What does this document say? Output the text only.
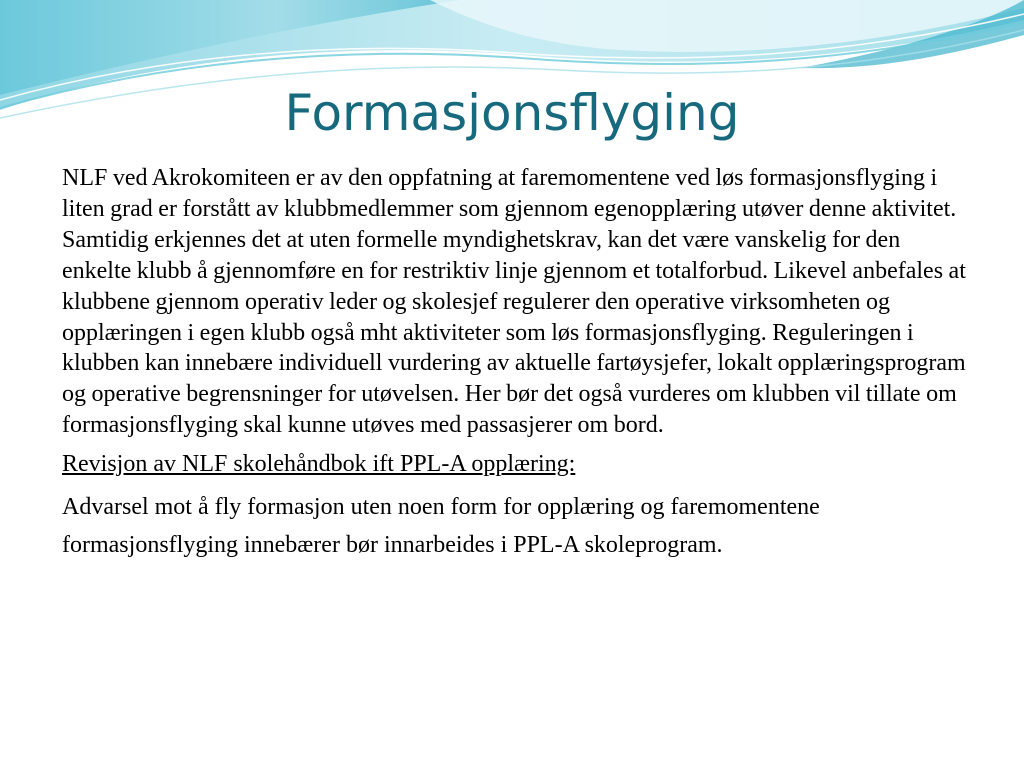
Formasjonsflyging

NLF ved Akrokomiteen er av den oppfatning at faremomentene ved løs formasjonsflyging i liten grad er forstått av klubbmedlemmer som gjennom egenopplæring utøver denne aktivitet. Samtidig erkjennes det at uten formelle myndighetskrav, kan det være vanskelig for den enkelte klubb å gjennomføre en for restriktiv linje gjennom et totalforbud. Likevel anbefales at klubbene gjennom operativ leder og skolesjef regulerer den operative virksomheten og opplæringen i egen klubb også mht aktiviteter som løs formasjonsflyging. Reguleringen i klubben kan innebære individuell vurdering av aktuelle fartøysjefer, lokalt opplæringsprogram og operative begrensninger for utøvelsen. Her bør det også vurderes om klubben vil tillate om formasjonsflyging skal kunne utøves med passasjerer om bord.

Revisjon av NLF skolehåndbok ift PPL-A opplæring:

Advarsel mot å fly formasjon uten noen form for opplæring og faremomentene formasjonsflyging innebærer bør innarbeides i PPL-A skoleprogram.
